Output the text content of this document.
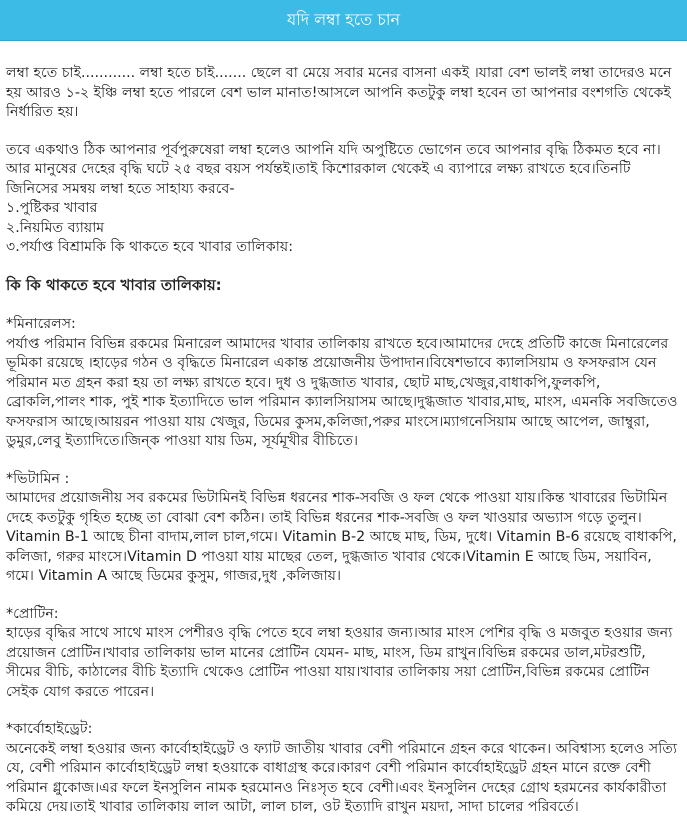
যদি লম্বা হতে চান

লম্বা হতে চাই............ লম্বা হতে চাই....... ছেলে বা মেয়ে সবার মনের বাসনা একই ।যারা বেশ ভালই লম্বা তাদেরও মনে হয় আরও ১-২ ইঞ্চি লম্বা হতে পারলে বেশ ভাল মানাত!আসলে আপনি কতটুকু লম্বা হবেন তা আপনার বংশগতি থেকেই নির্ধারিত হয়।

তবে একথাও ঠিক আপনার পূর্বপুরুষেরা লম্বা হলেও আপনি যদি অপুষ্টিতে ভোগেন তবে আপনার বৃদ্ধি ঠিকমত হবে না।আর মানুষের দেহের বৃদ্ধি ঘটে ২৫ বছর বয়স পর্যন্তই।তাই কিশোরকাল থেকেই এ ব্যাপারে লক্ষ্য রাখতে হবে।তিনটি জিনিসের সমন্বয় লম্বা হতে সাহায্য করবে-

১.পুষ্টিকর খাবার
২.নিয়মিত ব্যায়াম
৩.পর্যাপ্ত বিশ্রামকি কি থাকতে হবে খাবার তালিকায়:
কি কি থাকতে হবে খাবার তালিকায়:

*মিনারেলস:
পর্যাপ্ত পরিমান বিভিন্ন রকমের মিনারেল আমাদের খাবার তালিকায় রাখতে হবে।আমাদের দেহে প্রতিটি কাজে মিনারেলের ভূমিকা রয়েছে ।হাড়ের গঠন ও বৃদ্ধিতে মিনারেল একান্ত প্রয়োজনীয় উপাদান।বিষেশভাবে ক্যালসিয়াম ও ফসফরাস যেন পরিমান মত গ্রহন করা হয় তা লক্ষ্য রাখতে হবে। দুধ ও দুগ্ধজাত খাবার, ছোট মাছ,খেজুর,বাধাকপি,ফুলকপি, ব্রোকলি,পালং শাক, পুই শাক ইত্যাদিতে ভাল পরিমান ক্যালসিয়াসম আছে।দুগ্ধজাত খাবার,মাছ, মাংস, এমনকি সবজিতেও ফসফরাস আছে।আয়রন পাওয়া যায় খেজুর, ডিমের কুসম,কলিজা,পরুর মাংসে।ম্যাগনেসিয়াম আছে আপেল, জাম্বুরা, ডুমুর,লেবু ইত্যাদিতে।জিন্ক পাওয়া যায় ডিম, সূর্যমূখীর বীচিতে।

*ভিটামিন :
আমাদের প্রয়োজনীয় সব রকমের ভিটামিনই বিভিন্ন ধরনের শাক-সবজি ও ফল থেকে পাওয়া যায়।কিন্ত খাবারের ভিটামিন দেহে কতটুকু গৃহিত হচ্ছে তা বোঝা বেশ কঠিন। তাই বিভিন্ন ধরনের শাক-সবজি ও ফল খাওয়ার অভ্যাস গড়ে তুলুন।Vitamin B-1 আছে চীনা বাদাম,লাল চাল,গমে। Vitamin B-2 আছে মাছ, ডিম, দুধে। Vitamin B-6 রয়েছে বাধাকপি, কলিজা, গরুর মাংসে।Vitamin D পাওয়া যায় মাছের তেল, দুগ্ধজাত খাবার থেকে।Vitamin E আছে ডিম, সয়াবিন, গমে। Vitamin A আছে ডিমের কুসুম, গাজর,দুধ ,কলিজায়।

*প্রোটিন:
হাড়ের বৃদ্ধির সাথে সাথে মাংস পেশীরও বৃদ্ধি পেতে হবে লম্বা হওয়ার জন্য।আর মাংস পেশির বৃদ্ধি ও মজবুত হওয়ার জন্য প্রয়োজন প্রোটিন।খাবার তালিকায় ভাল মানের প্রোটিন যেমন- মাছ, মাংস, ডিম রাখুন।বিভিন্ন রকমের ডাল,মটরশুটি, সীমের বীচি, কাঠালের বীচি ইত্যাদি থেকেও প্রোটিন পাওয়া যায়।খাবার তালিকায় সয়া প্রোটিন,বিভিন্ন রকমের প্রোটিন সেইক যোগ করতে পারেন।

*কার্বোহাইড্রেট:
অনেকেই লম্বা হওয়ার জন্য কার্বোহাইড্রেট ও ফ্যাট জাতীয় খাবার বেশী পরিমানে গ্রহন করে থাকেন। অবিশ্বাস্য হলেও সত্যি যে, বেশী পরিমান কার্বোহাইড্রেট লম্বা হওয়াকে বাধাগ্রস্থ করে।কারণ বেশী পরিমান কার্বোহাইড্রেট গ্রহন মানে রক্তে বেশী পরিমান গ্লুকোজ।এর ফলে ইনসুলিন নামক হরমোনও নিঃসৃত হবে বেশী।এবং ইনসুলিন দেহের গ্রোথ হরমনের কার্যকারীতা কমিয়ে দেয়।তাই খাবার তালিকায় লাল আটা, লাল চাল, ওট ইত্যাদি রাখুন ময়দা, সাদা চালের পরিবর্তে।
